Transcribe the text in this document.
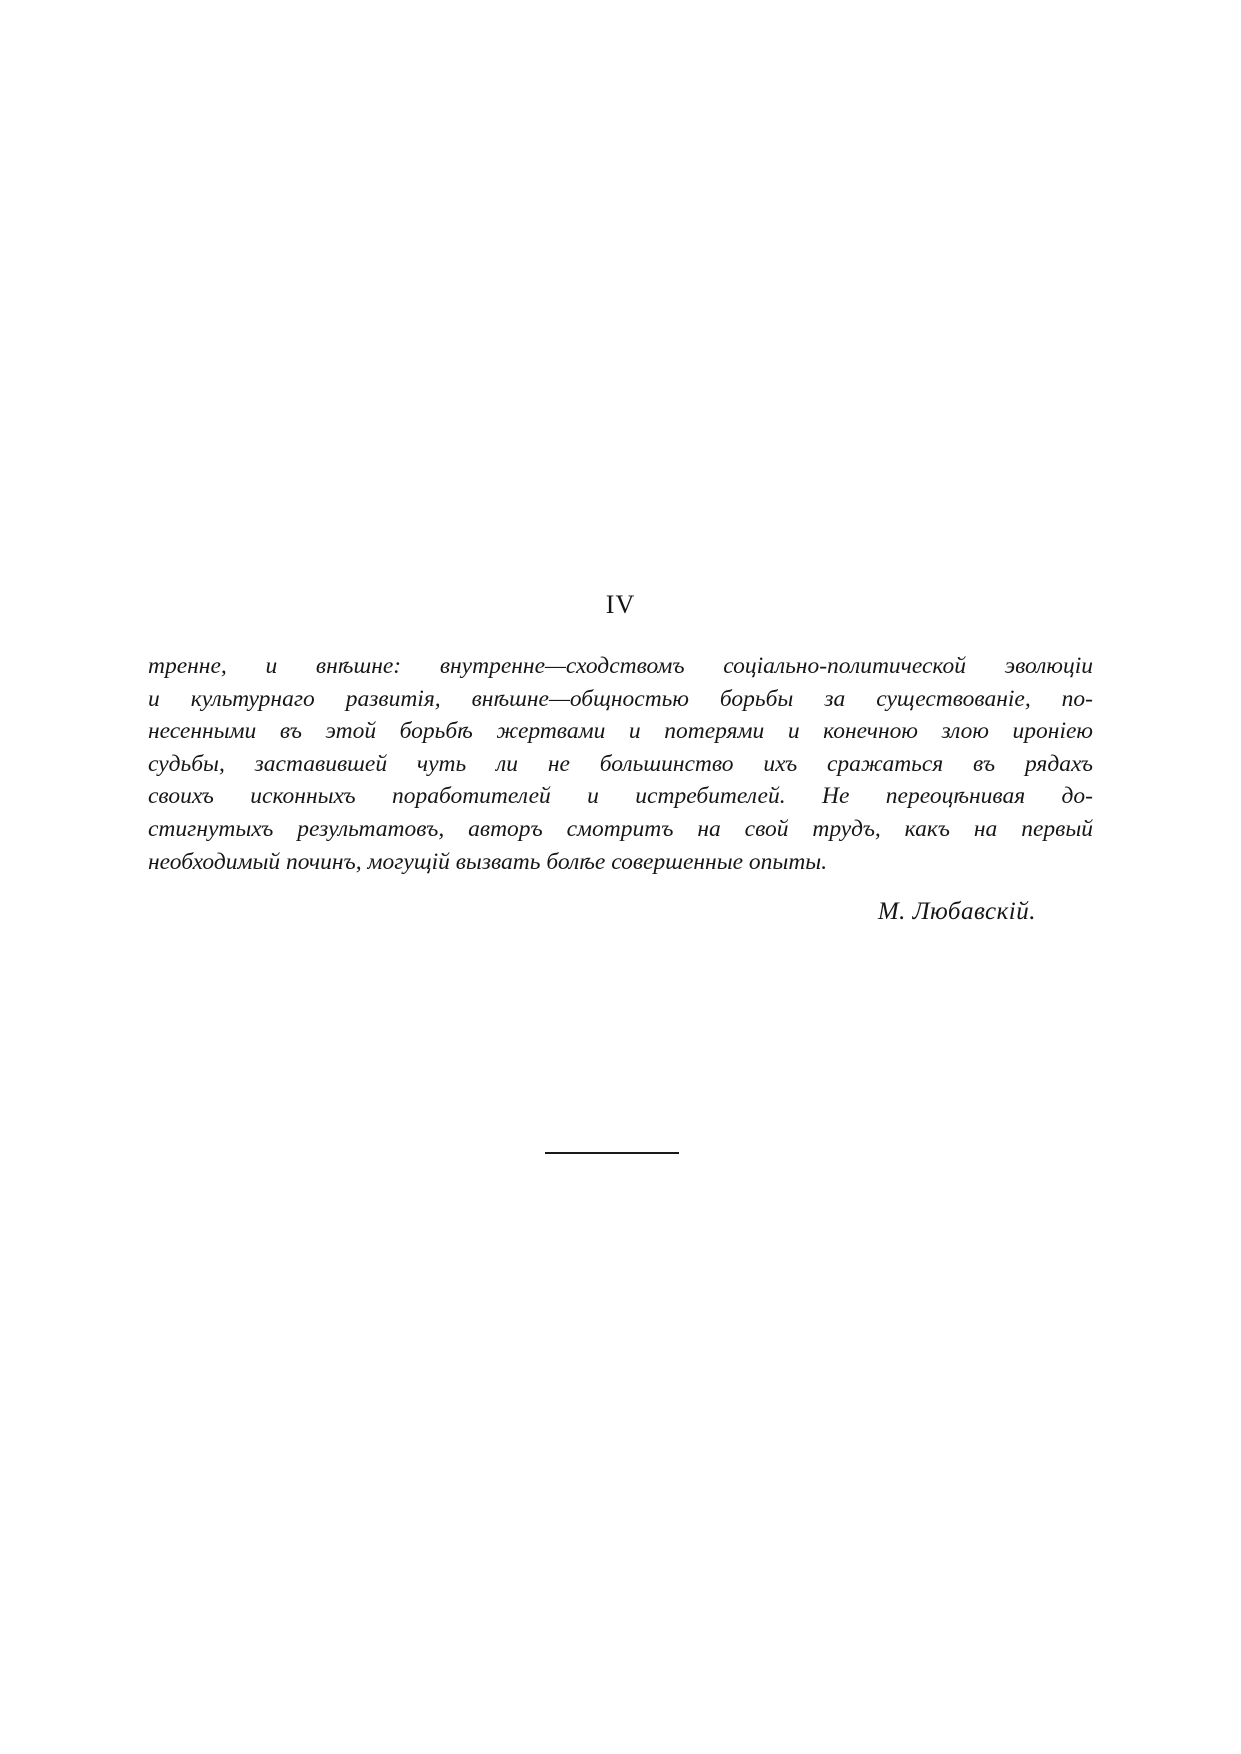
IV
тренне, и внѣшне: внутренне—сходствомъ соціально-политической эволюціи
и культурнаго развитія, внѣшне—общностью борьбы за существованіе, по-
несенными въ этой борьбѣ жертвами и потерями и конечною злою ироніею
судьбы, заставившей чуть ли не большинство ихъ сражаться въ рядахъ
своихъ исконныхъ поработителей и истребителей. Не переоцѣнивая до-
стигнутыхъ результатовъ, авторъ смотритъ на свой трудъ, какъ на первый
необходимый починъ, могущій вызвать болѣе совершенные опыты.
М. Любавскій.
